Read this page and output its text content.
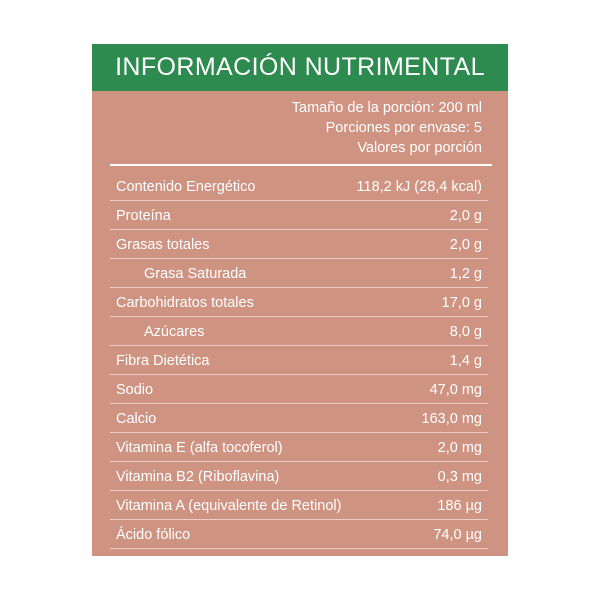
INFORMACIÓN NUTRIMENTAL
Tamaño de la porción: 200 ml
Porciones por envase: 5
Valores por porción
Contenido Energético	118,2 kJ (28,4 kcal)
Proteína	2,0 g
Grasas totales	2,0 g
Grasa Saturada	1,2 g
Carbohidratos totales	17,0 g
Azúcares	8,0 g
Fibra Dietética	1,4 g
Sodio	47,0 mg
Calcio	163,0 mg
Vitamina E (alfa tocoferol)	2,0 mg
Vitamina B2 (Riboflavina)	0,3 mg
Vitamina A (equivalente de Retinol)	186 µg
Ácido fólico	74,0 µg
Vitamina B12 (Cobalamina)	0,3 µg
